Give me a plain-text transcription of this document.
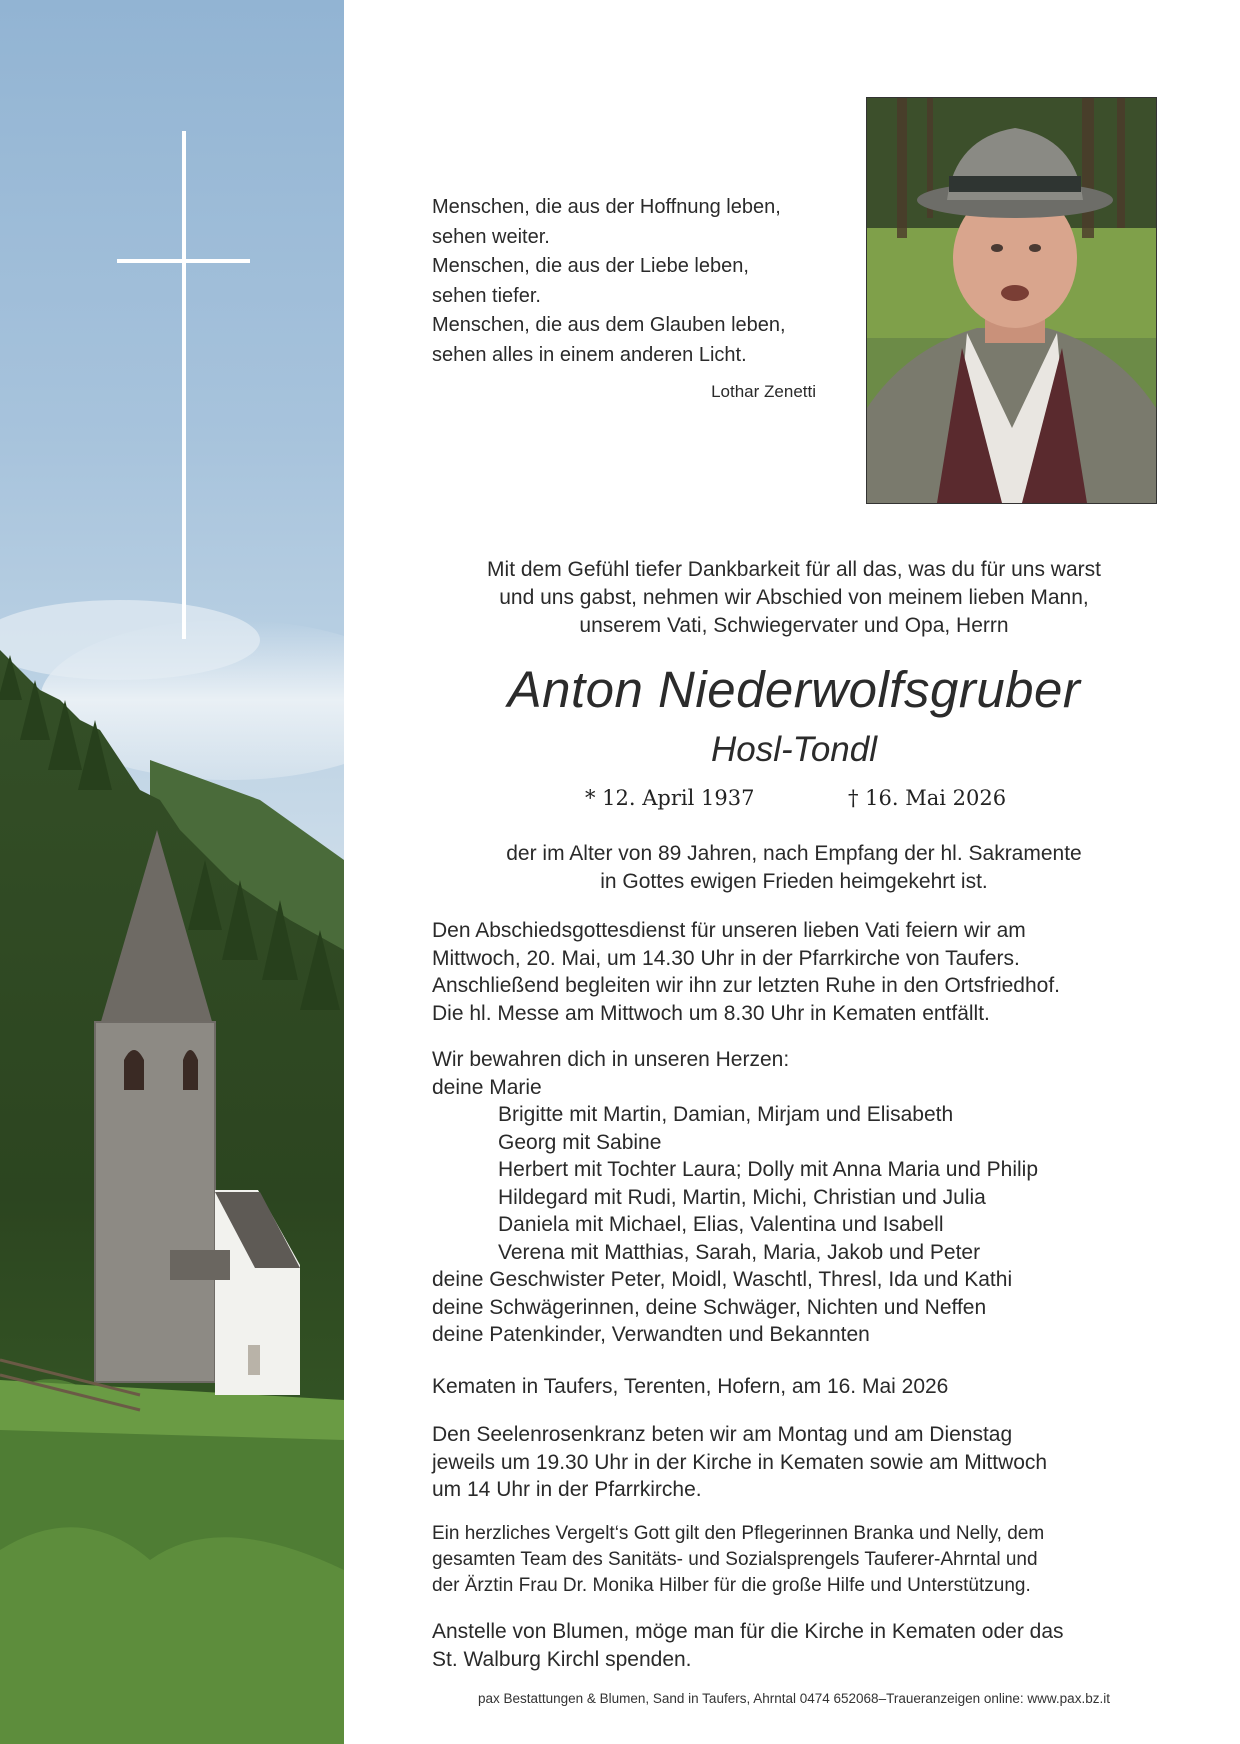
Menschen, die aus der Hoffnung leben,
sehen weiter.
Menschen, die aus der Liebe leben,
sehen tiefer.
Menschen, die aus dem Glauben leben,
sehen alles in einem anderen Licht.
Lothar Zenetti
Mit dem Gefühl tiefer Dankbarkeit für all das, was du für uns warst
und uns gabst, nehmen wir Abschied von meinem lieben Mann,
unserem Vati, Schwiegervater und Opa, Herrn
Anton Niederwolfsgruber
Hosl-Tondl
* 12. April 1937	† 16. Mai 2026
der im Alter von 89 Jahren, nach Empfang der hl. Sakramente
in Gottes ewigen Frieden heimgekehrt ist.
Den Abschiedsgottesdienst für unseren lieben Vati feiern wir am
Mittwoch, 20. Mai, um 14.30 Uhr in der Pfarrkirche von Taufers.
Anschließend begleiten wir ihn zur letzten Ruhe in den Ortsfriedhof.
Die hl. Messe am Mittwoch um 8.30 Uhr in Kematen entfällt.
Wir bewahren dich in unseren Herzen:
deine Marie
Brigitte mit Martin, Damian, Mirjam und Elisabeth
Georg mit Sabine
Herbert mit Tochter Laura; Dolly mit Anna Maria und Philip
Hildegard mit Rudi, Martin, Michi, Christian und Julia
Daniela mit Michael, Elias, Valentina und Isabell
Verena mit Matthias, Sarah, Maria, Jakob und Peter
deine Geschwister Peter, Moidl, Waschtl, Thresl, Ida und Kathi
deine Schwägerinnen, deine Schwäger, Nichten und Neffen
deine Patenkinder, Verwandten und Bekannten
Kematen in Taufers, Terenten, Hofern, am 16. Mai 2026
Den Seelenrosenkranz beten wir am Montag und am Dienstag
jeweils um 19.30 Uhr in der Kirche in Kematen sowie am Mittwoch
um 14 Uhr in der Pfarrkirche.
Ein herzliches Vergelt‘s Gott gilt den Pflegerinnen Branka und Nelly, dem
gesamten Team des Sanitäts- und Sozialsprengels Tauferer-Ahrntal und
der Ärztin Frau Dr. Monika Hilber für die große Hilfe und Unterstützung.
Anstelle von Blumen, möge man für die Kirche in Kematen oder das
St. Walburg Kirchl spenden.
pax Bestattungen & Blumen, Sand in Taufers, Ahrntal 0474 652068–Traueranzeigen online: www.pax.bz.it
